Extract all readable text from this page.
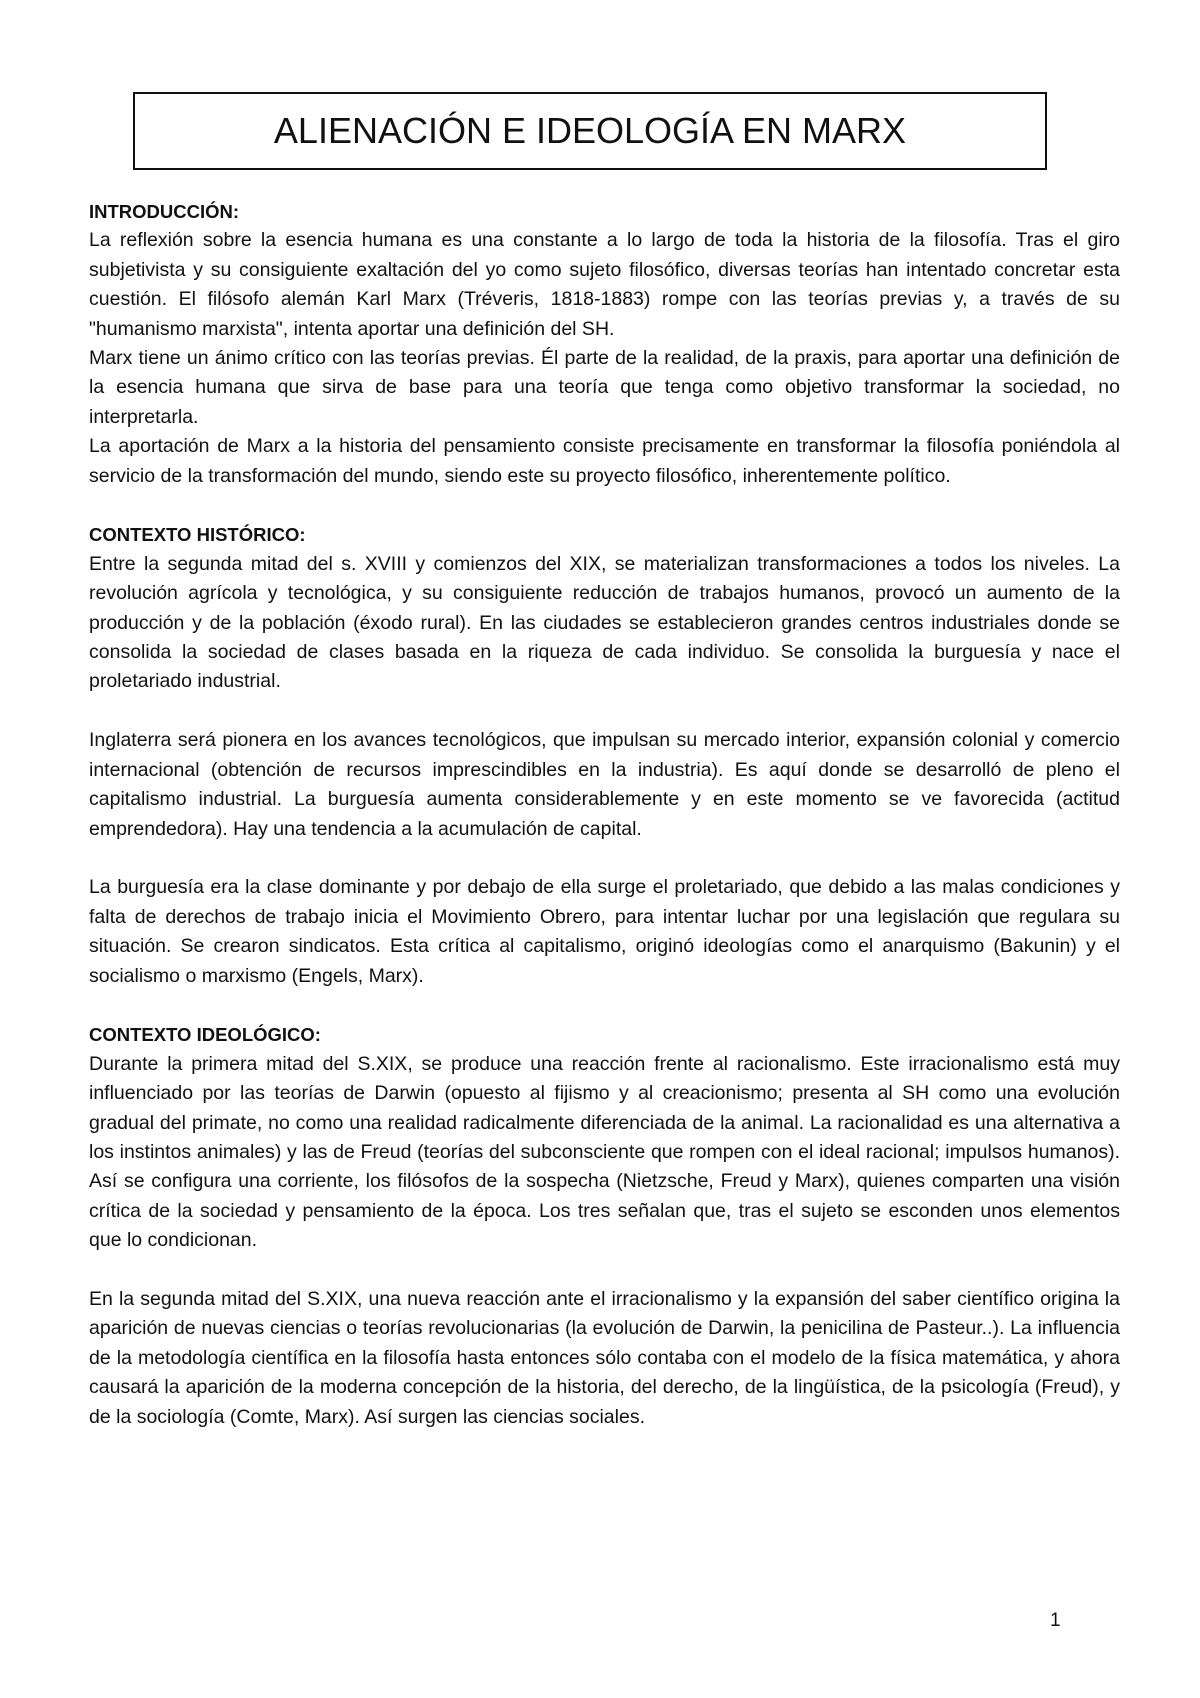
ALIENACIÓN E IDEOLOGÍA EN MARX

INTRODUCCIÓN:

La reflexión sobre la esencia humana es una constante a lo largo de toda la historia de la filosofía. Tras el giro subjetivista y su consiguiente exaltación del yo como sujeto filosófico, diversas teorías han intentado concretar esta cuestión. El filósofo alemán Karl Marx (Tréveris, 1818-1883) rompe con las teorías previas y, a través de su "humanismo marxista", intenta aportar una definición del SH.

Marx tiene un ánimo crítico con las teorías previas. Él parte de la realidad, de la praxis, para aportar una definición de la esencia humana que sirva de base para una teoría que tenga como objetivo transformar la sociedad, no interpretarla.

La aportación de Marx a la historia del pensamiento consiste precisamente en transformar la filosofía poniéndola al servicio de la transformación del mundo, siendo este su proyecto filosófico, inherentemente político.

CONTEXTO HISTÓRICO:

Entre la segunda mitad del s. XVIII y comienzos del XIX, se materializan transformaciones a todos los niveles. La revolución agrícola y tecnológica, y su consiguiente reducción de trabajos humanos, provocó un aumento de la producción y de la población (éxodo rural). En las ciudades se establecieron grandes centros industriales donde se consolida la sociedad de clases basada en la riqueza de cada individuo. Se consolida la burguesía y nace el proletariado industrial.

Inglaterra será pionera en los avances tecnológicos, que impulsan su mercado interior, expansión colonial y comercio internacional (obtención de recursos imprescindibles en la industria). Es aquí donde se desarrolló de pleno el capitalismo industrial. La burguesía aumenta considerablemente y en este momento se ve favorecida (actitud emprendedora). Hay una tendencia a la acumulación de capital.

La burguesía era la clase dominante y por debajo de ella surge el proletariado, que debido a las malas condiciones y falta de derechos de trabajo inicia el Movimiento Obrero, para intentar luchar por una legislación que regulara su situación. Se crearon sindicatos. Esta crítica al capitalismo, originó ideologías como el anarquismo (Bakunin) y el socialismo o marxismo (Engels, Marx).

CONTEXTO IDEOLÓGICO:

Durante la primera mitad del S.XIX, se produce una reacción frente al racionalismo. Este irracionalismo está muy influenciado por las teorías de Darwin (opuesto al fijismo y al creacionismo; presenta al SH como una evolución gradual del primate, no como una realidad radicalmente diferenciada de la animal. La racionalidad es una alternativa a los instintos animales) y las de Freud (teorías del subconsciente que rompen con el ideal racional; impulsos humanos). Así se configura una corriente, los filósofos de la sospecha (Nietzsche, Freud y Marx), quienes comparten una visión crítica de la sociedad y pensamiento de la época. Los tres señalan que, tras el sujeto se esconden unos elementos que lo condicionan.

En la segunda mitad del S.XIX, una nueva reacción ante el irracionalismo y la expansión del saber científico origina la aparición de nuevas ciencias o teorías revolucionarias (la evolución de Darwin, la penicilina de Pasteur..). La influencia de la metodología científica en la filosofía hasta entonces sólo contaba con el modelo de la física matemática, y ahora causará la aparición de la moderna concepción de la historia, del derecho, de la lingüística, de la psicología (Freud), y de la sociología (Comte, Marx). Así surgen las ciencias sociales.

1
